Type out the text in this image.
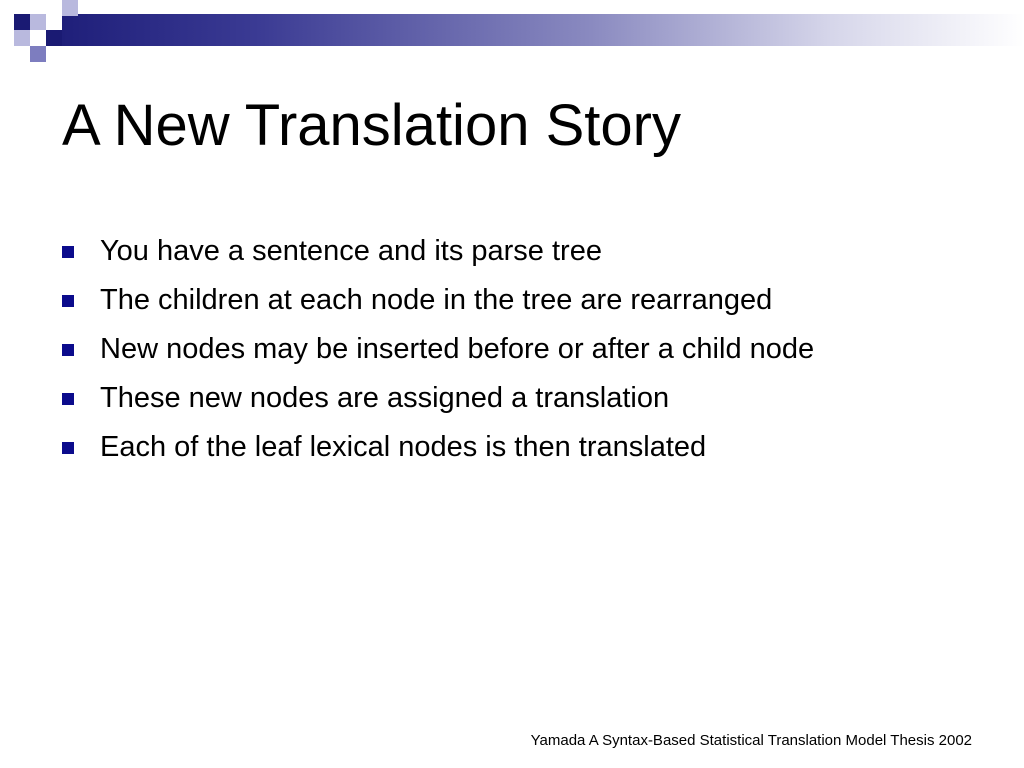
A New Translation Story
You have a sentence and its parse tree
The children at each node in the tree are rearranged
New nodes may be inserted before or after a child node
These new nodes are assigned a translation
Each of the leaf lexical nodes is then translated
Yamada A Syntax-Based Statistical Translation Model Thesis 2002
